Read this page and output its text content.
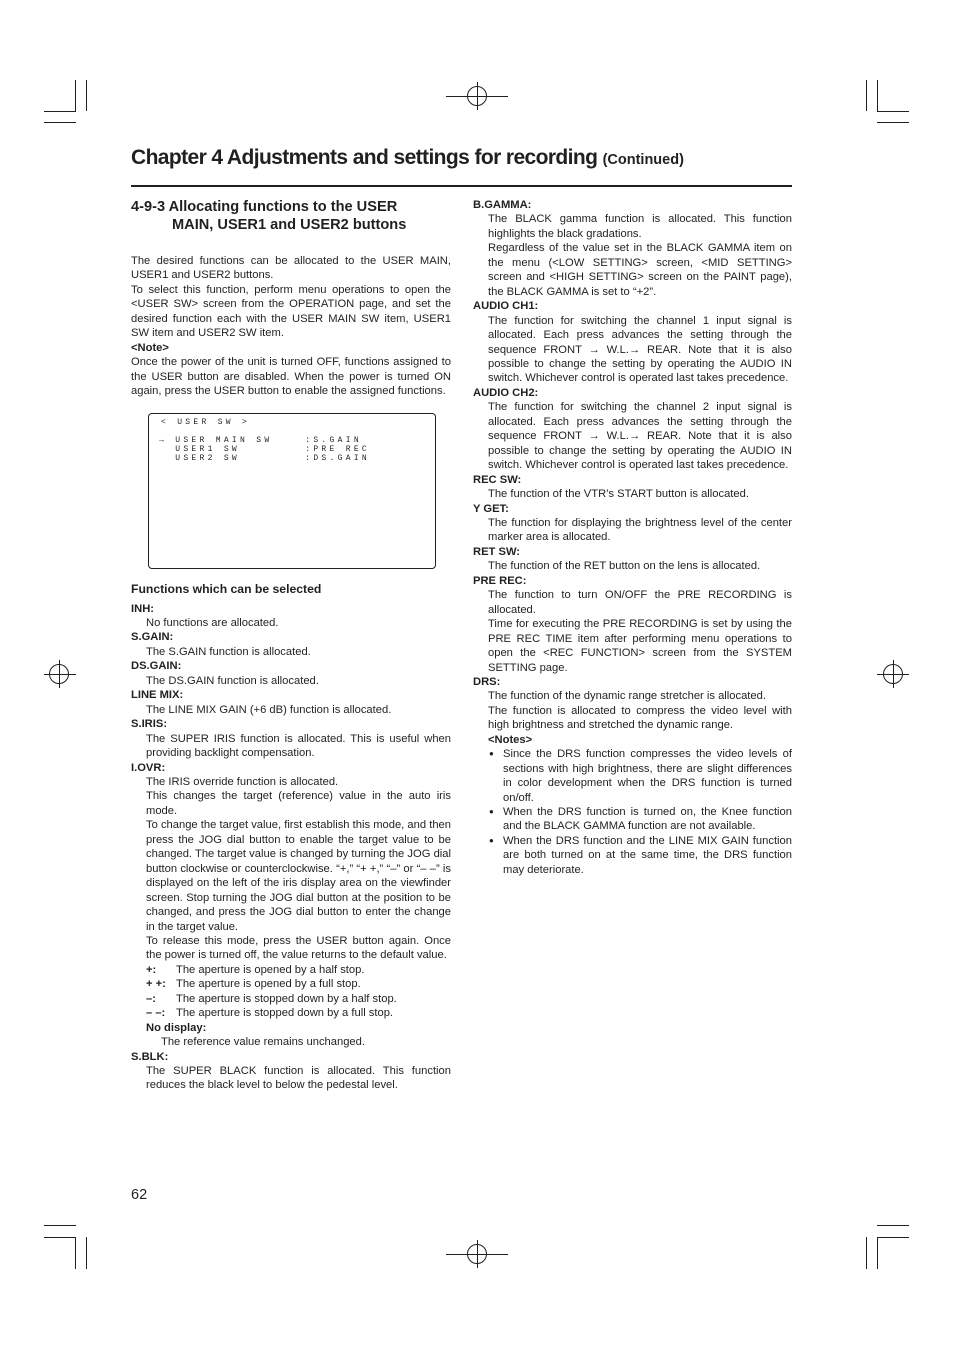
Chapter 4 Adjustments and settings for recording (Continued)
4-9-3 Allocating functions to the USER
MAIN, USER1 and USER2 buttons

The desired functions can be allocated to the USER MAIN, USER1 and USER2 buttons.

To select this function, perform menu operations to open the <USER SW> screen from the OPERATION page, and set the desired function each with the USER MAIN SW item, USER1 SW item and USER2 SW item.

<Note>

Once the power of the unit is turned OFF, functions assigned to the USER button are disabled. When the power is turned ON again, press the USER button to enable the assigned functions.

< USER SW >
→ USER MAIN SW	:S.GAIN
USER1 SW	:PRE REC
USER2 SW	:DS.GAIN
Functions which can be selected

INH:

No functions are allocated.

S.GAIN:

The S.GAIN function is allocated.

DS.GAIN:

The DS.GAIN function is allocated.

LINE MIX:

The LINE MIX GAIN (+6 dB) function is allocated.

S.IRIS:

The SUPER IRIS function is allocated. This is useful when providing backlight compensation.

I.OVR:

The IRIS override function is allocated.

This changes the target (reference) value in the auto iris mode.

To change the target value, first establish this mode, and then press the JOG dial button to enable the target value to be changed. The target value is changed by turning the JOG dial button clockwise or counterclockwise. “+,” “+ +,” “–” or “– –” is displayed on the left of the iris display area on the viewfinder screen. Stop turning the JOG dial button at the position to be changed, and press the JOG dial button to enter the change in the target value.

To release this mode, press the USER button again. Once the power is turned off, the value returns to the default value.

+: The aperture is opened by a half stop.

+ +: The aperture is opened by a full stop.

–: The aperture is stopped down by a half stop.

– –: The aperture is stopped down by a full stop.

No display:

The reference value remains unchanged.

S.BLK:

The SUPER BLACK function is allocated. This function reduces the black level to below the pedestal level.

B.GAMMA:

The BLACK gamma function is allocated. This function highlights the black gradations.

Regardless of the value set in the BLACK GAMMA item on the menu (<LOW SETTING> screen, <MID SETTING> screen and <HIGH SETTING> screen on the PAINT page), the BLACK GAMMA is set to “+2”.

AUDIO CH1:

The function for switching the channel 1 input signal is allocated. Each press advances the setting through the sequence FRONT → W.L.→ REAR. Note that it is also possible to change the setting by operating the AUDIO IN switch. Whichever control is operated last takes precedence.

AUDIO CH2:

The function for switching the channel 2 input signal is allocated. Each press advances the setting through the sequence FRONT → W.L.→ REAR. Note that it is also possible to change the setting by operating the AUDIO IN switch. Whichever control is operated last takes precedence.

REC SW:

The function of the VTR’s START button is allocated.

Y GET:

The function for displaying the brightness level of the center marker area is allocated.

RET SW:

The function of the RET button on the lens is allocated.

PRE REC:

The function to turn ON/OFF the PRE RECORDING is allocated.

Time for executing the PRE RECORDING is set by using the PRE REC TIME item after performing menu operations to open the <REC FUNCTION> screen from the SYSTEM SETTING page.

DRS:

The function of the dynamic range stretcher is allocated.

The function is allocated to compress the video level with high brightness and stretched the dynamic range.

<Notes>

● Since the DRS function compresses the video levels of sections with high brightness, there are slight differences in color development when the DRS function is turned on/off.

● When the DRS function is turned on, the Knee function and the BLACK GAMMA function are not available.

● When the DRS function and the LINE MIX GAIN function are both turned on at the same time, the DRS function may deteriorate.

62
